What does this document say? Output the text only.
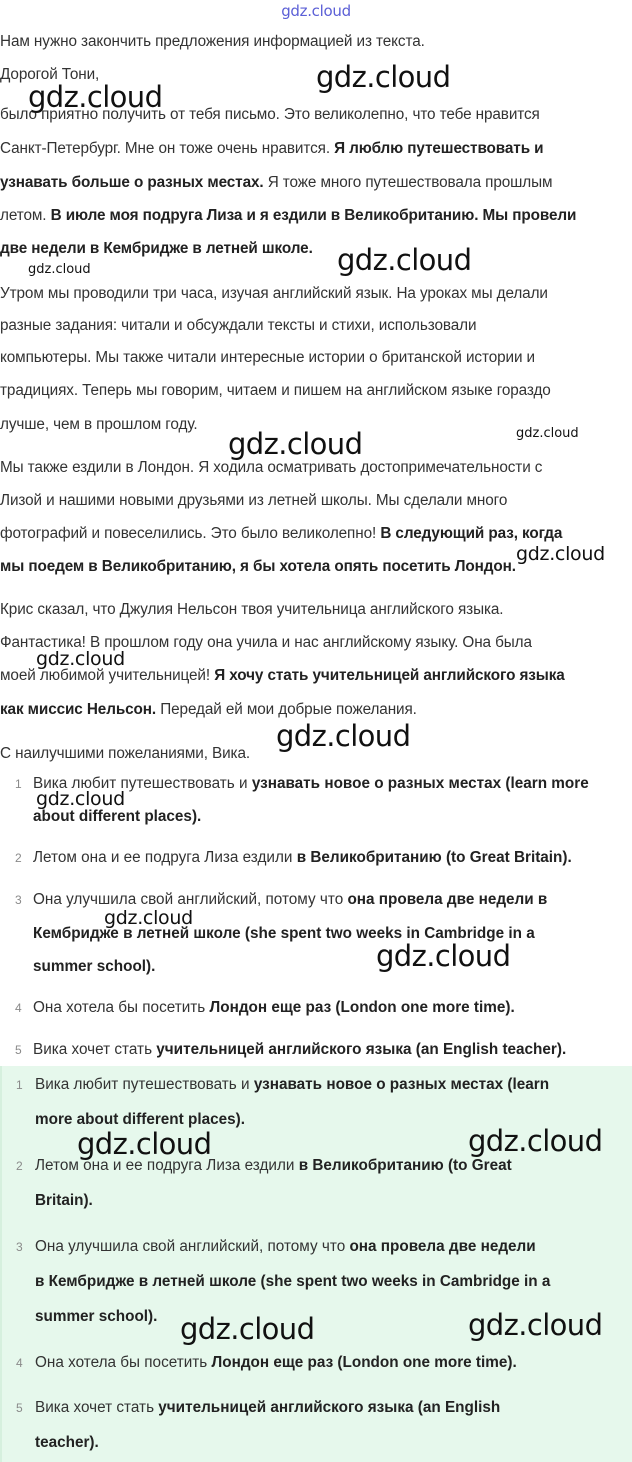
gdz.cloud
Нам нужно закончить предложения информацией из текста.
Дорогой Тони,
было приятно получить от тебя письмо. Это великолепно, что тебе нравится
Санкт-Петербург. Мне он тоже очень нравится. Я люблю путешествовать и
узнавать больше о разных местах. Я тоже много путешествовала прошлым
летом. В июле моя подруга Лиза и я ездили в Великобританию. Мы провели
две недели в Кембридже в летней школе.
Утром мы проводили три часа, изучая английский язык. На уроках мы делали
разные задания: читали и обсуждали тексты и стихи, использовали
компьютеры. Мы также читали интересные истории о британской истории и
традициях. Теперь мы говорим, читаем и пишем на английском языке гораздо
лучше, чем в прошлом году.
Мы также ездили в Лондон. Я ходила осматривать достопримечательности с
Лизой и нашими новыми друзьями из летней школы. Мы сделали много
фотографий и повеселились. Это было великолепно! В следующий раз, когда
мы поедем в Великобританию, я бы хотела опять посетить Лондон.
Крис сказал, что Джулия Нельсон твоя учительница английского языка.
Фантастика! В прошлом году она учила и нас английскому языку. Она была
моей любимой учительницей! Я хочу стать учительницей английского языка
как миссис Нельсон. Передай ей мои добрые пожелания.
С наилучшими пожеланиями, Вика.
1 Вика любит путешествовать и узнавать новое о разных местах (learn more
about different places).
2 Летом она и ее подруга Лиза ездили в Великобританию (to Great Britain).
3 Она улучшила свой английский, потому что она провела две недели в
Кембридже в летней школе (she spent two weeks in Cambridge in a
summer school).
4 Она хотела бы посетить Лондон еще раз (London one more time).
5 Вика хочет стать учительницей английского языка (an English teacher).
1 Вика любит путешествовать и узнавать новое о разных местах (learn
more about different places).
2 Летом она и ее подруга Лиза ездили в Великобританию (to Great
Britain).
3 Она улучшила свой английский, потому что она провела две недели
в Кембридже в летней школе (she spent two weeks in Cambridge in a
summer school).
4 Она хотела бы посетить Лондон еще раз (London one more time).
5 Вика хочет стать учительницей английского языка (an English
teacher).
gdz.cloud
gdz.cloud
gdz.cloud
gdz.cloud
gdz.cloud	gdz.cloud
gdz.cloud
gdz.cloud
gdz.cloud
gdz.cloud
gdz.cloud
gdz.cloud
gdz.cloud	gdz.cloud
gdz.cloud	gdz.cloud
